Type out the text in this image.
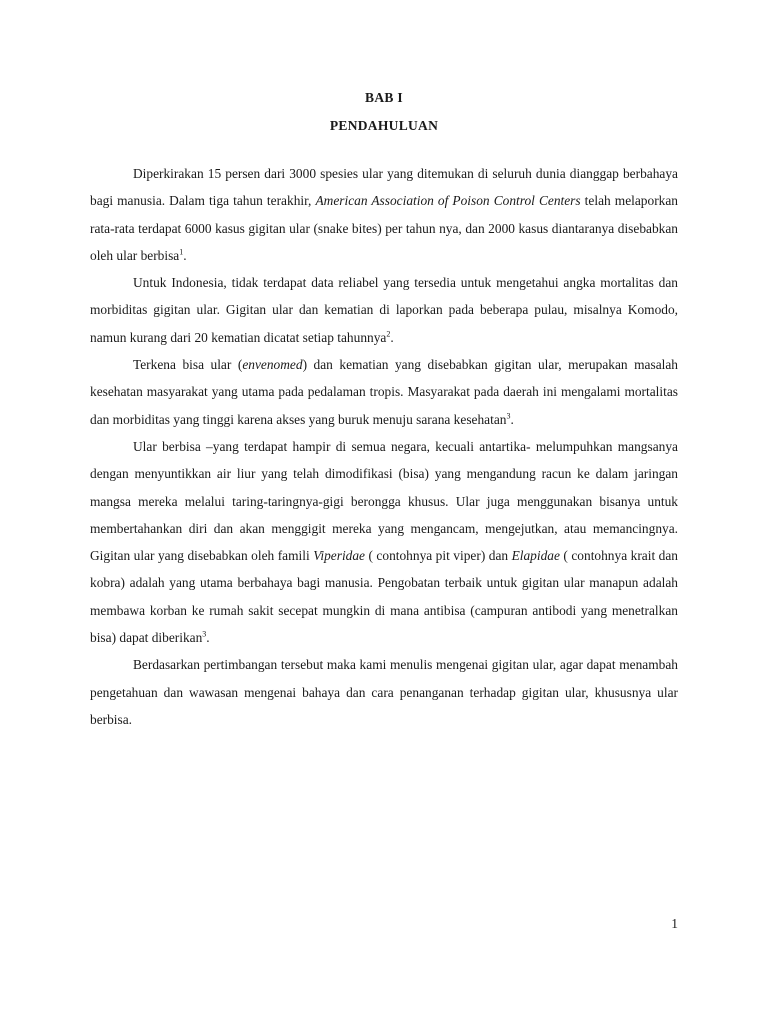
BAB I
PENDAHULUAN

Diperkirakan 15 persen dari 3000 spesies ular yang ditemukan di seluruh dunia dianggap berbahaya bagi manusia. Dalam tiga tahun terakhir, American Association of Poison Control Centers telah melaporkan rata-rata terdapat 6000 kasus gigitan ular (snake bites) per tahun nya, dan 2000 kasus diantaranya disebabkan oleh ular berbisa$^1$.

Untuk Indonesia, tidak terdapat data reliabel yang tersedia untuk mengetahui angka mortalitas dan morbiditas gigitan ular. Gigitan ular dan kematian di laporkan pada beberapa pulau, misalnya Komodo, namun kurang dari 20 kematian dicatat setiap tahunnya$^2$.

Terkena bisa ular (envenomed) dan kematian yang disebabkan gigitan ular, merupakan masalah kesehatan masyarakat yang utama pada pedalaman tropis. Masyarakat pada daerah ini mengalami mortalitas dan morbiditas yang tinggi karena akses yang buruk menuju sarana kesehatan$^3$.

Ular berbisa –yang terdapat hampir di semua negara, kecuali antartika- melumpuhkan mangsanya dengan menyuntikkan air liur yang telah dimodifikasi (bisa) yang mengandung racun ke dalam jaringan mangsa mereka melalui taring-taringnya-gigi berongga khusus. Ular juga menggunakan bisanya untuk membertahankan diri dan akan menggigit mereka yang mengancam, mengejutkan, atau memancingnya. Gigitan ular yang disebabkan oleh famili Viperidae ( contohnya pit viper) dan Elapidae ( contohnya krait dan kobra) adalah yang utama berbahaya bagi manusia. Pengobatan terbaik untuk gigitan ular manapun adalah membawa korban ke rumah sakit secepat mungkin di mana antibisa (campuran antibodi yang menetralkan bisa) dapat diberikan$^3$.

Berdasarkan pertimbangan tersebut maka kami menulis mengenai gigitan ular, agar dapat menambah pengetahuan dan wawasan mengenai bahaya dan cara penanganan terhadap gigitan ular, khususnya ular berbisa.

1
